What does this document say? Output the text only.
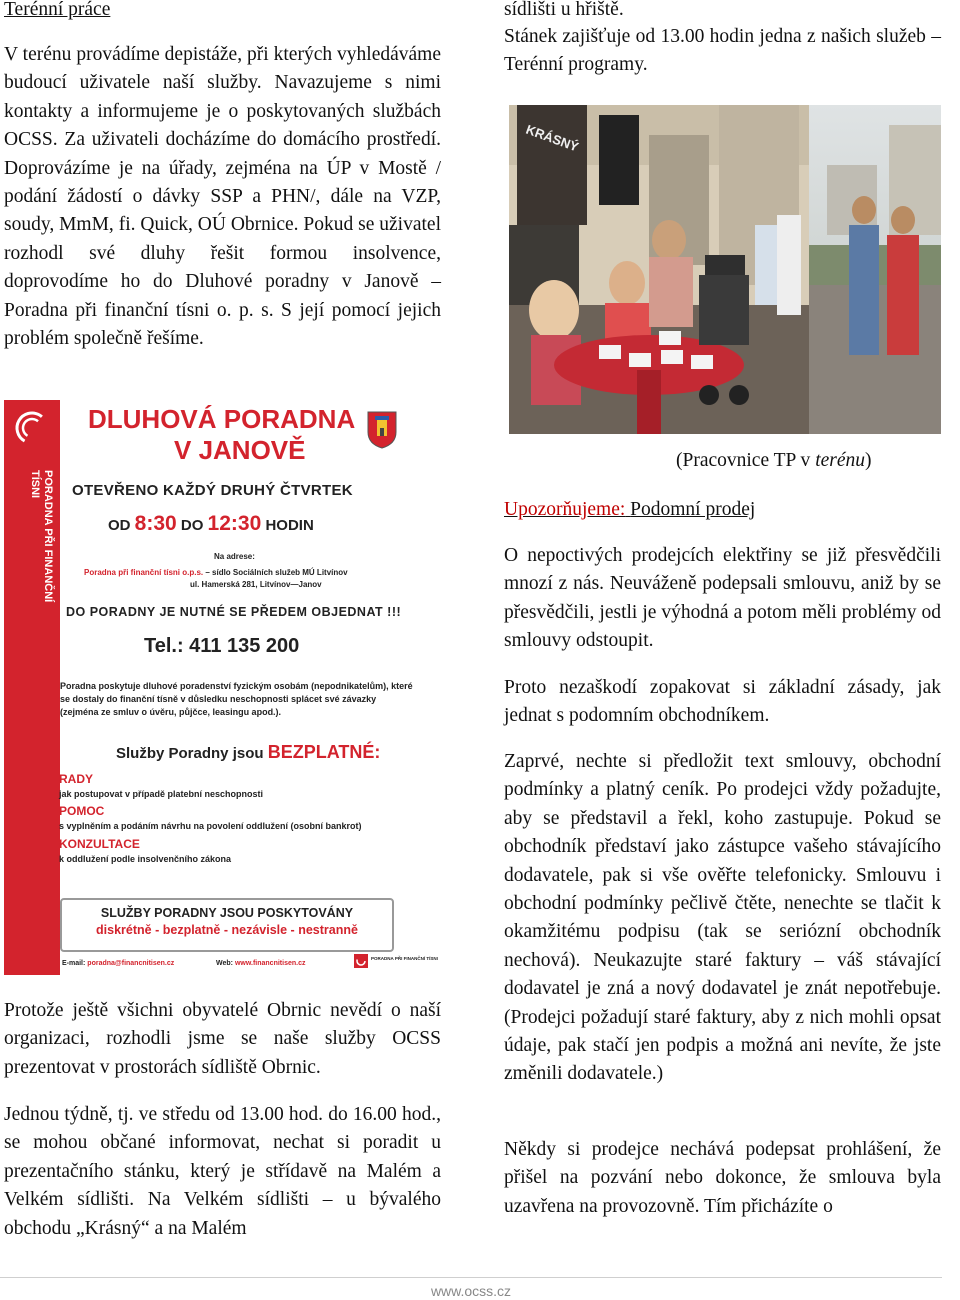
Terénní práce

V terénu provádíme depistáže, při kterých vyhledáváme budoucí uživatele naší služby. Navazujeme s nimi kontakty a informujeme je o poskytovaných službách OCSS. Za uživateli docházíme do domácího prostředí. Doprovázíme je na úřady, zejména na ÚP v Mostě / podání žádostí o dávky SSP a PHN/, dále na VZP, soudy, MmM, fi. Quick, OÚ Obrnice. Pokud se uživatel rozhodl své dluhy řešit formou insolvence, doprovodíme ho do Dluhové poradny v Janově – Poradna při finanční tísni o. p. s. S její pomocí jejich problém společně řešíme.

PORADNA PŘI FINANČNÍ TÍSNI
DLUHOVÁ PORADNA
V JANOVĚ
OTEVŘENO KAŽDÝ DRUHÝ ČTVRTEK
OD 8:30 DO 12:30 HODIN
Na adrese:
Poradna při finanční tísni o.p.s. – sídlo Sociálních služeb MÚ Litvínov
ul. Hamerská 281, Litvínov—Janov
DO PORADNY JE NUTNÉ SE PŘEDEM OBJEDNAT !!!
Tel.: 411 135 200
Poradna poskytuje dluhové poradenství fyzickým osobám (nepodnikatelům), které se dostaly do finanční tísně v důsledku neschopnosti splácet své závazky (zejména ze smluv o úvěru, půjčce, leasingu apod.).
Služby Poradny jsou BEZPLATNÉ:
RADY
jak postupovat v případě platební neschopnosti
POMOC
s vyplněním a podáním návrhu na povolení oddlužení (osobní bankrot)
KONZULTACE
k oddlužení podle insolvenčního zákona
SLUŽBY PORADNY JSOU POSKYTOVÁNY
diskrétně - bezplatně - nezávisle - nestranně
E-mail: poradna@financnitisen.cz	Web: www.financnitisen.cz
PORADNA PŘI FINANČNÍ TÍSNI

Protože ještě všichni obyvatelé Obrnic nevědí o naší organizaci, rozhodli jsme se naše služby OCSS prezentovat v prostorách sídliště Obrnic.

Jednou týdně, tj. ve středu od 13.00 hod. do 16.00 hod., se mohou občané informovat, nechat si poradit u prezentačního stánku, který je střídavě na Malém a Velkém sídlišti. Na Velkém sídlišti – u bývalého obchodu „Krásný“ a na Malém

sídlišti u hřiště.

Stánek zajišťuje od 13.00 hodin jedna z našich služeb – Terénní programy.

KRÁSNÝ
(Pracovnice TP v terénu)
Upozorňujeme: Podomní prodej

O nepoctivých prodejcích elektřiny se již přesvědčili mnozí z nás. Neuváženě podepsali smlouvu, aniž by se přesvědčili, jestli je výhodná a potom měli problémy od smlouvy odstoupit.

Proto nezaškodí zopakovat si základní zásady, jak jednat s podomním obchodníkem.

Zaprvé, nechte si předložit text smlouvy, obchodní podmínky a platný ceník. Po prodejci vždy požadujte, aby se představil a řekl, koho zastupuje. Pokud se obchodník představí jako zástupce vašeho stávajícího dodavatele, pak si vše ověřte telefonicky. Smlouvu i obchodní podmínky pečlivě čtěte, nenechte se tlačit k okamžitému podpisu (tak se seriózní obchodník nechová). Neukazujte staré faktury – váš stávající dodavatel je zná a nový dodavatel je znát nepotřebuje. (Prodejci požadují staré faktury, aby z nich mohli opsat údaje, pak stačí jen podpis a možná ani nevíte, že jste změnili dodavatele.)

Někdy si prodejce nechává podepsat prohlášení, že přišel na pozvání nebo dokonce, že smlouva byla uzavřena na provozovně. Tím přicházíte o

www.ocss.cz
